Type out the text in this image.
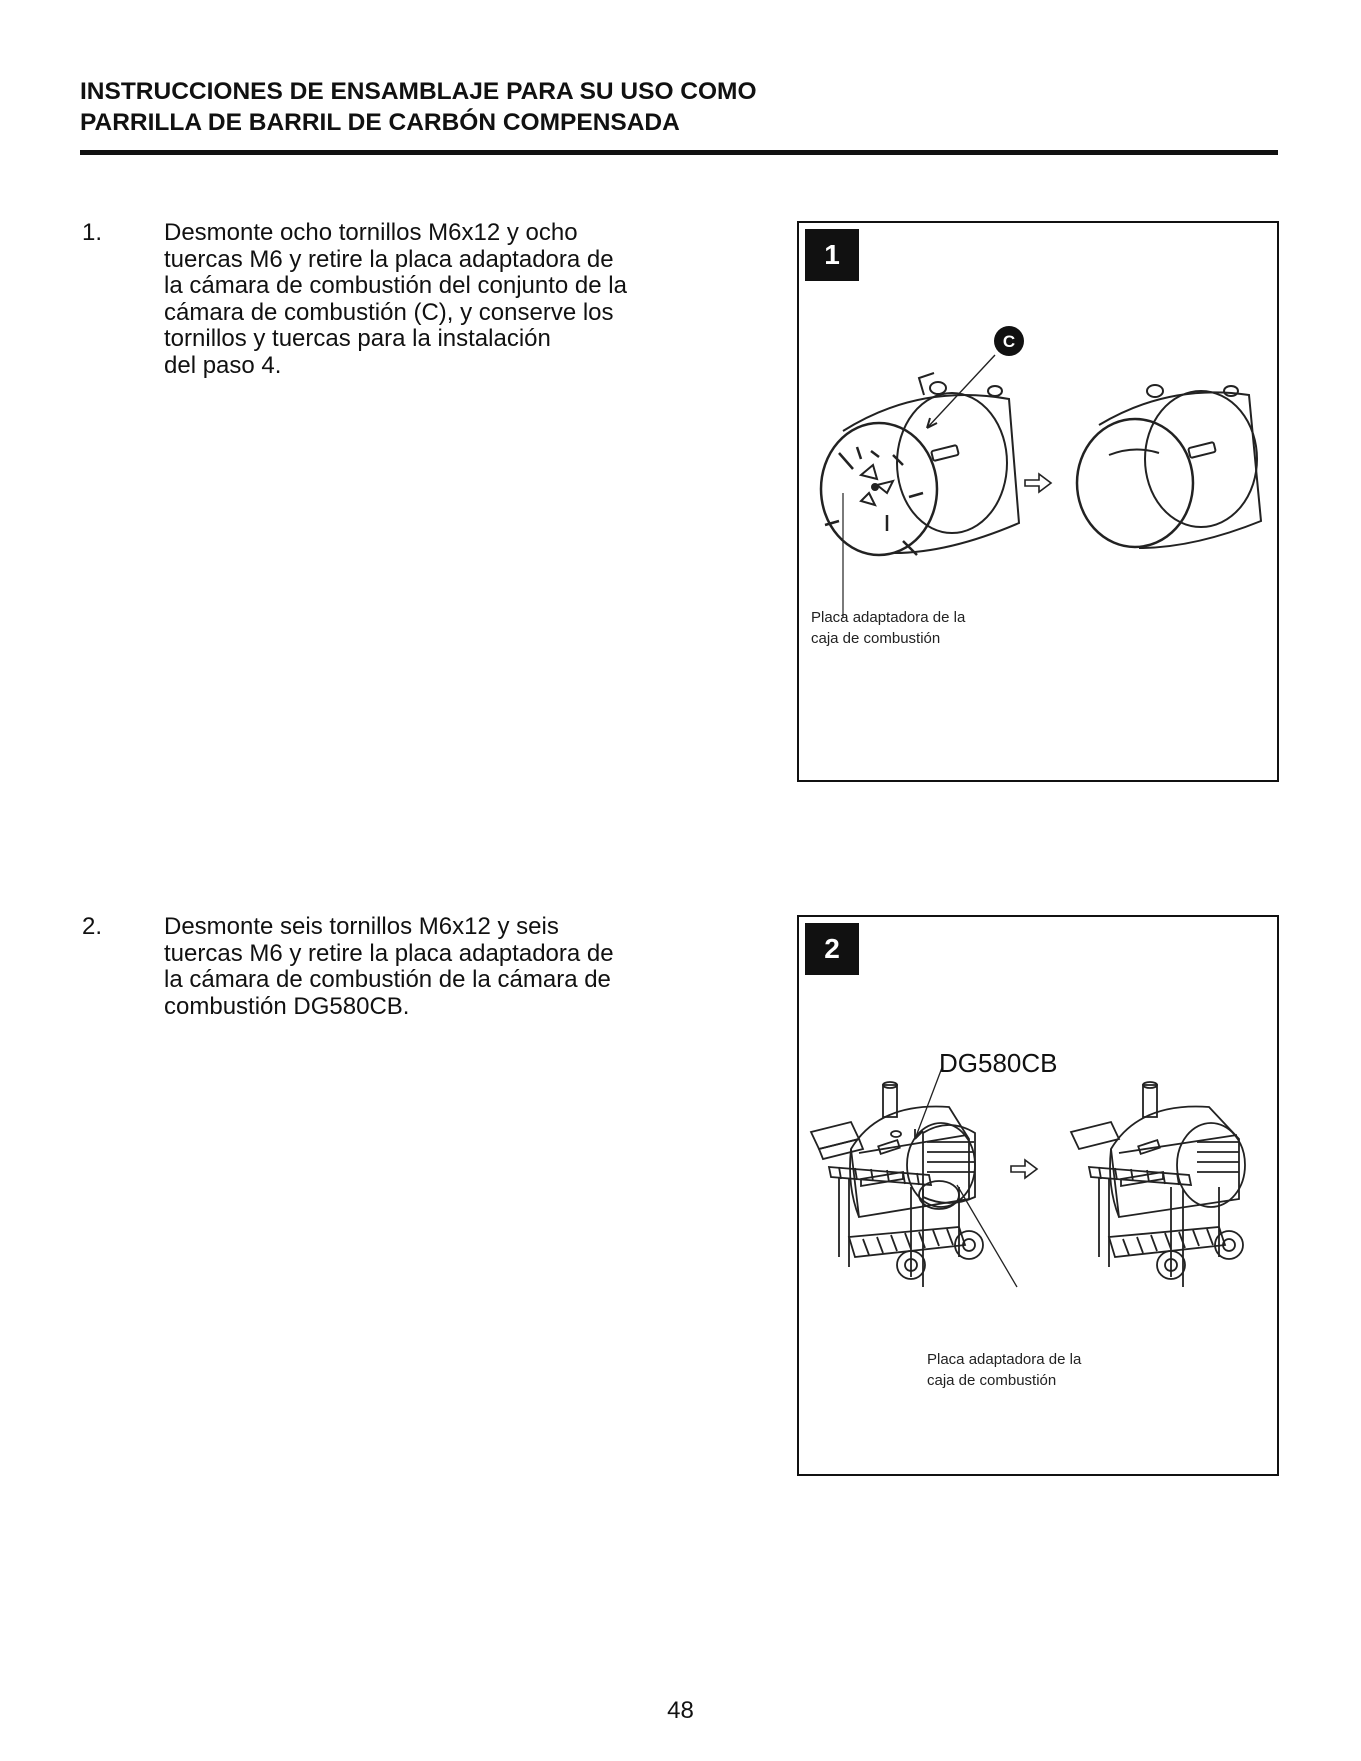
INSTRUCCIONES DE ENSAMBLAJE PARA SU USO COMO
PARRILLA DE BARRIL DE CARBÓN COMPENSADA
1.	Desmonte ocho tornillos M6x12 y ocho
tuercas M6 y retire la placa adaptadora de
la cámara de combustión del conjunto de la
cámara de combustión (C), y conserve los
tornillos y tuercas para la instalación
del paso 4.
C
1
Placa adaptadora de la
caja de combustión
2.	Desmonte seis tornillos M6x12 y seis
tuercas M6 y retire la placa adaptadora de
la cámara de combustión de la cámara de
combustión DG580CB.
2
DG580CB
Placa adaptadora de la
caja de combustión
48
